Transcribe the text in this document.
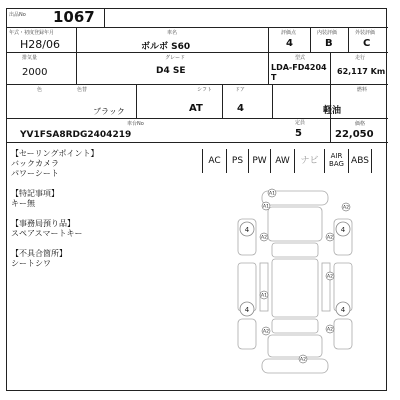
出品No 1067
年式・初度登録年月
H28/06
車名
ボルボ S60
評価点
4
内装評価
B
外装評価
C
排気量
2000
グレード
D4 SE
型式
LDA-FD4204
T
走行
62,117 Km
色	色替
ブラック
シフト
AT
ドア
4
燃料
軽油
車台No
YV1FSA8RDG2404219
定員
5
価格
22,050
【セーリングポイント】
バックカメラ
パワーシート

【特記事項】
キー無

【事務局預り品】
スペアスマートキー

【不具合箇所】
シートシワ
AC	PS	PW AW	ナビ	AIR
BAG ABS
4	4
4	4
A1
A1	A2
A2	A2
A2
A1
A2	A2
A2
